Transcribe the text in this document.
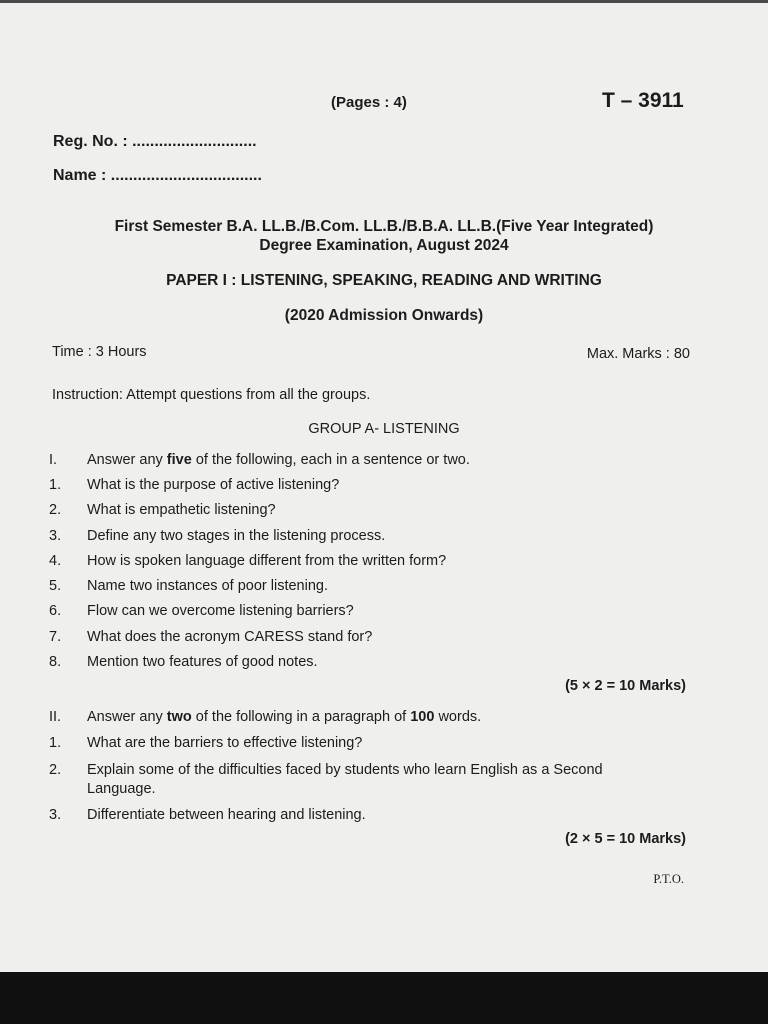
(Pages : 4)	T – 3911
Reg. No. : ............................
Name : ..................................
First Semester B.A. LL.B./B.Com. LL.B./B.B.A. LL.B.(Five Year Integrated)
Degree Examination, August 2024
PAPER I : LISTENING, SPEAKING, READING AND WRITING
(2020 Admission Onwards)
Time : 3 Hours	Max. Marks : 80
Instruction: Attempt questions from all the groups.
GROUP A- LISTENING
I. Answer any five of the following, each in a sentence or two.
1. What is the purpose of active listening?
2. What is empathetic listening?
3. Define any two stages in the listening process.
4. How is spoken language different from the written form?
5. Name two instances of poor listening.
6. Flow can we overcome listening barriers?
7. What does the acronym CARESS stand for?
8. Mention two features of good notes.
(5 × 2 = 10 Marks)
II. Answer any two of the following in a paragraph of 100 words.
1. What are the barriers to effective listening?
2. Explain some of the difficulties faced by students who learn English as a Second
Language.
3. Differentiate between hearing and listening.
(2 × 5 = 10 Marks)
P.T.O.
